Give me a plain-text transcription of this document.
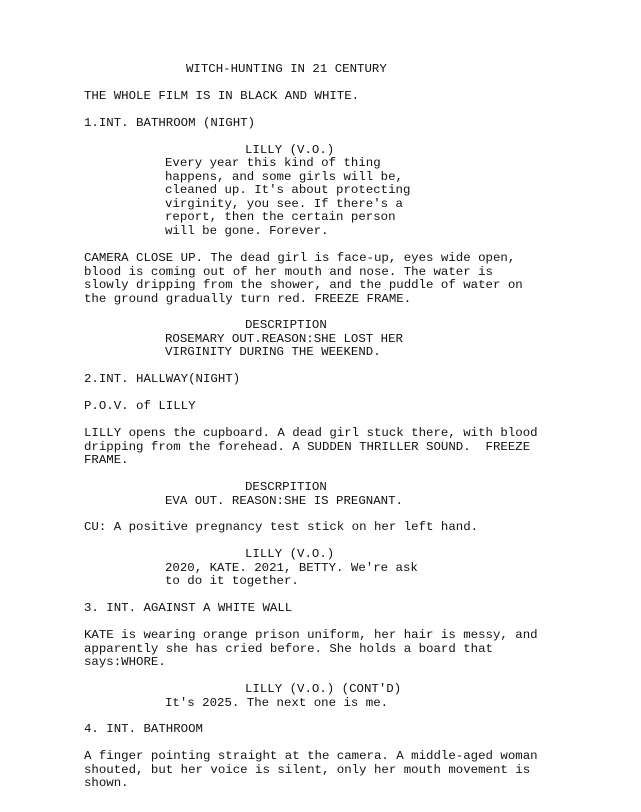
WITCH-HUNTING IN 21 CENTURY
THE WHOLE FILM IS IN BLACK AND WHITE.
1.INT. BATHROOM (NIGHT)
LILLY (V.O.)
Every year this kind of thing
happens, and some girls will be,
cleaned up. It's about protecting
virginity, you see. If there's a
report, then the certain person
will be gone. Forever.
CAMERA CLOSE UP. The dead girl is face-up, eyes wide open,
blood is coming out of her mouth and nose. The water is
slowly dripping from the shower, and the puddle of water on
the ground gradually turn red. FREEZE FRAME.
DESCRIPTION
ROSEMARY OUT.REASON:SHE LOST HER
VIRGINITY DURING THE WEEKEND.
2.INT. HALLWAY(NIGHT)
P.O.V. of LILLY
LILLY opens the cupboard. A dead girl stuck there, with blood
dripping from the forehead. A SUDDEN THRILLER SOUND.  FREEZE
FRAME.
DESCRPITION
EVA OUT. REASON:SHE IS PREGNANT.
CU: A positive pregnancy test stick on her left hand.
LILLY (V.O.)
2020, KATE. 2021, BETTY. We're ask
to do it together.
3. INT. AGAINST A WHITE WALL
KATE is wearing orange prison uniform, her hair is messy, and
apparently she has cried before. She holds a board that
says:WHORE.
LILLY (V.O.) (CONT'D)
It's 2025. The next one is me.
4. INT. BATHROOM
A finger pointing straight at the camera. A middle-aged woman
shouted, but her voice is silent, only her mouth movement is
shown.
